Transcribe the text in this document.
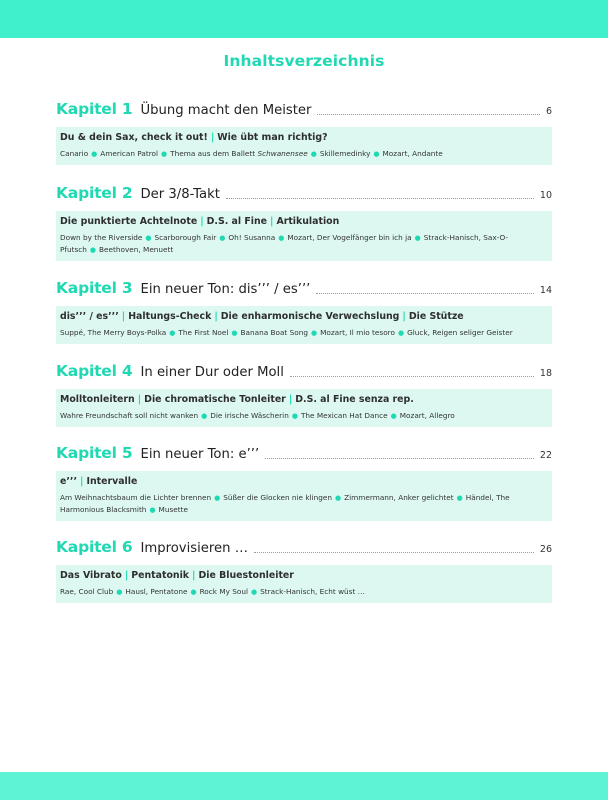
Inhaltsverzeichnis
Kapitel 1 Übung macht den Meister	6
Du & dein Sax, check it out! | Wie übt man richtig?
Canario ● American Patrol ● Thema aus dem Ballett Schwanensee ● Skillemedinky ● Mozart, Andante
Kapitel 2 Der 3/8-Takt	10
Die punktierte Achtelnote | D.S. al Fine | Artikulation
Down by the Riverside ● Scarborough Fair ● Oh! Susanna ● Mozart, Der Vogelfänger bin ich ja ● Strack-Hanisch, Sax-O-Pfutsch ● Beethoven, Menuett
Kapitel 3 Ein neuer Ton: dis’’’ / es’’’	14
dis’’’ / es’’’ | Haltungs-Check | Die enharmonische Verwechslung | Die Stütze
Suppé, The Merry Boys-Polka ● The First Noel ● Banana Boat Song ● Mozart, Il mio tesoro ● Gluck, Reigen seliger Geister
Kapitel 4 In einer Dur oder Moll	18
Molltonleitern | Die chromatische Tonleiter | D.S. al Fine senza rep.
Wahre Freundschaft soll nicht wanken ● Die irische Wäscherin ● The Mexican Hat Dance ● Mozart, Allegro
Kapitel 5 Ein neuer Ton: e’’’	22
e’’’ | Intervalle
Am Weihnachtsbaum die Lichter brennen ● Süßer die Glocken nie klingen ● Zimmermann, Anker gelichtet ● Händel, The Harmonious Blacksmith ● Musette
Kapitel 6 Improvisieren …	26
Das Vibrato | Pentatonik | Die Bluestonleiter
Rae, Cool Club ● Hausl, Pentatone ● Rock My Soul ● Strack-Hanisch, Echt wüst …
